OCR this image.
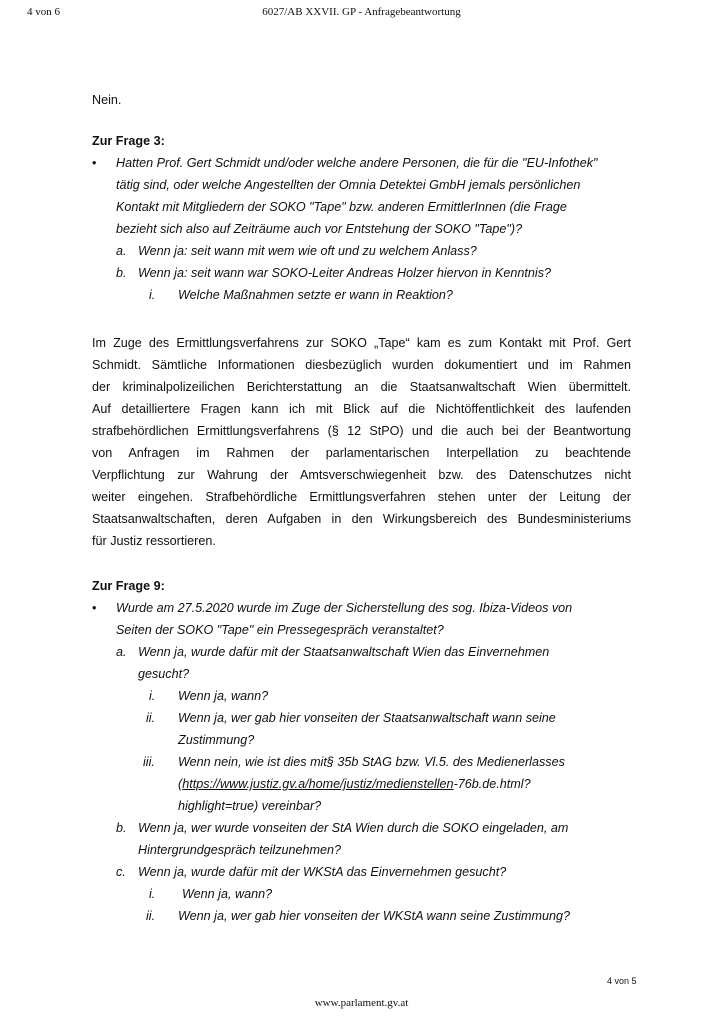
4 von 6	6027/AB XXVII. GP - Anfragebeantwortung
Nein.
Zur Frage 3:
• Hatten Prof. Gert Schmidt und/oder welche andere Personen, die für die "EU-Infothek"
tätig sind, oder welche Angestellten der Omnia Detektei GmbH jemals persönlichen
Kontakt mit Mitgliedern der SOKO "Tape" bzw. anderen ErmittlerInnen (die Frage
bezieht sich also auf Zeiträume auch vor Entstehung der SOKO "Tape")?
a. Wenn ja: seit wann mit wem wie oft und zu welchem Anlass?
b. Wenn ja: seit wann war SOKO-Leiter Andreas Holzer hiervon in Kenntnis?
i. Welche Maßnahmen setzte er wann in Reaktion?
Im Zuge des Ermittlungsverfahrens zur SOKO „Tape“ kam es zum Kontakt mit Prof. Gert
Schmidt. Sämtliche Informationen diesbezüglich wurden dokumentiert und im Rahmen
der kriminalpolizeilichen Berichterstattung an die Staatsanwaltschaft Wien übermittelt.
Auf detailliertere Fragen kann ich mit Blick auf die Nichtöffentlichkeit des laufenden
strafbehördlichen Ermittlungsverfahrens (§ 12 StPO) und die auch bei der Beantwortung
von Anfragen im Rahmen der parlamentarischen Interpellation zu beachtende
Verpflichtung zur Wahrung der Amtsverschwiegenheit bzw. des Datenschutzes nicht
weiter eingehen. Strafbehördliche Ermittlungsverfahren stehen unter der Leitung der
Staatsanwaltschaften, deren Aufgaben in den Wirkungsbereich des Bundesministeriums
für Justiz ressortieren.
Zur Frage 9:
• Wurde am 27.5.2020 wurde im Zuge der Sicherstellung des sog. Ibiza-Videos von
Seiten der SOKO "Tape" ein Pressegespräch veranstaltet?
a. Wenn ja, wurde dafür mit der Staatsanwaltschaft Wien das Einvernehmen
gesucht?
i. Wenn ja, wann?
ii. Wenn ja, wer gab hier vonseiten der Staatsanwaltschaft wann seine
Zustimmung?
iii. Wenn nein, wie ist dies mit§ 35b StAG bzw. Vl.5. des Medienerlasses
(https://www.justiz.gv.a/home/justiz/medienstellen-76b.de.html?
highlight=true) vereinbar?
b. Wenn ja, wer wurde vonseiten der StA Wien durch die SOKO eingeladen, am
Hintergrundgespräch teilzunehmen?
c. Wenn ja, wurde dafür mit der WKStA das Einvernehmen gesucht?
i. Wenn ja, wann?
ii. Wenn ja, wer gab hier vonseiten der WKStA wann seine Zustimmung?
4 von 5
www.parlament.gv.at
